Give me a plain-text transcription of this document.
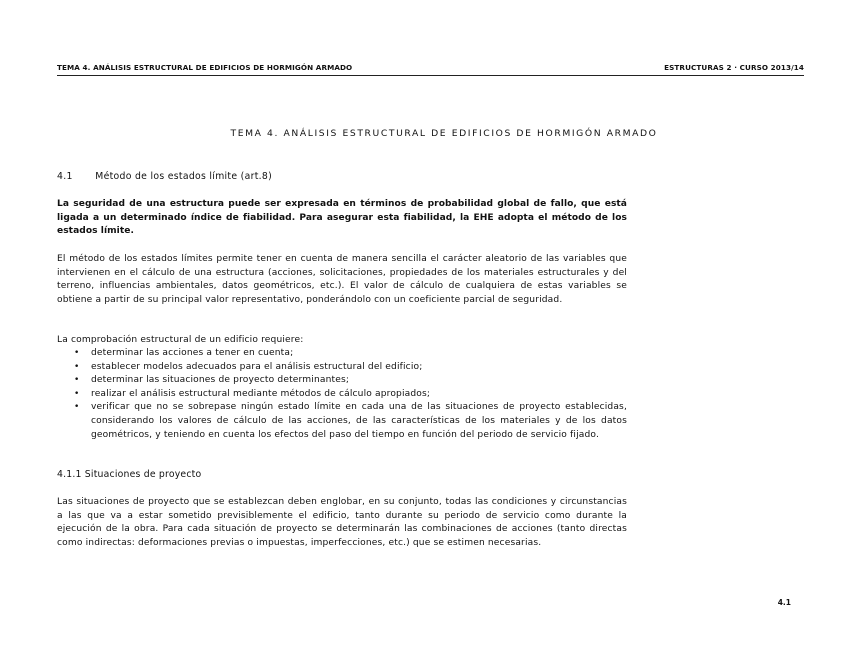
TEMA 4. ANÁLISIS ESTRUCTURAL DE EDIFICIOS DE HORMIGÓN ARMADO	ESTRUCTURAS 2 · CURSO 2013/14
TEMA 4. ANÁLISIS ESTRUCTURAL DE EDIFICIOS DE HORMIGÓN ARMADO
4.1 Método de los estados límite (art.8)

La seguridad de una estructura puede ser expresada en términos de probabilidad global de fallo, que está ligada a un determinado índice de fiabilidad. Para asegurar esta fiabilidad, la EHE adopta el método de los estados límite.

El método de los estados límites permite tener en cuenta de manera sencilla el carácter aleatorio de las variables que intervienen en el cálculo de una estructura (acciones, solicitaciones, propiedades de los materiales estructurales y del terreno, influencias ambientales, datos geométricos, etc.). El valor de cálculo de cualquiera de estas variables se obtiene a partir de su principal valor representativo, ponderándolo con un coeficiente parcial de seguridad.

La comprobación estructural de un edificio requiere:

• determinar las acciones a tener en cuenta;
• establecer modelos adecuados para el análisis estructural del edificio;
• determinar las situaciones de proyecto determinantes;
• realizar el análisis estructural mediante métodos de cálculo apropiados;
• verificar que no se sobrepase ningún estado límite en cada una de las situaciones de proyecto establecidas, considerando los valores de cálculo de las acciones, de las características de los materiales y de los datos geométricos, y teniendo en cuenta los efectos del paso del tiempo en función del periodo de servicio fijado.
4.1.1 Situaciones de proyecto

Las situaciones de proyecto que se establezcan deben englobar, en su conjunto, todas las condiciones y circunstancias a las que va a estar sometido previsiblemente el edificio, tanto durante su periodo de servicio como durante la ejecución de la obra. Para cada situación de proyecto se determinarán las combinaciones de acciones (tanto directas como indirectas: deformaciones previas o impuestas, imperfecciones, etc.) que se estimen necesarias.

4.1
